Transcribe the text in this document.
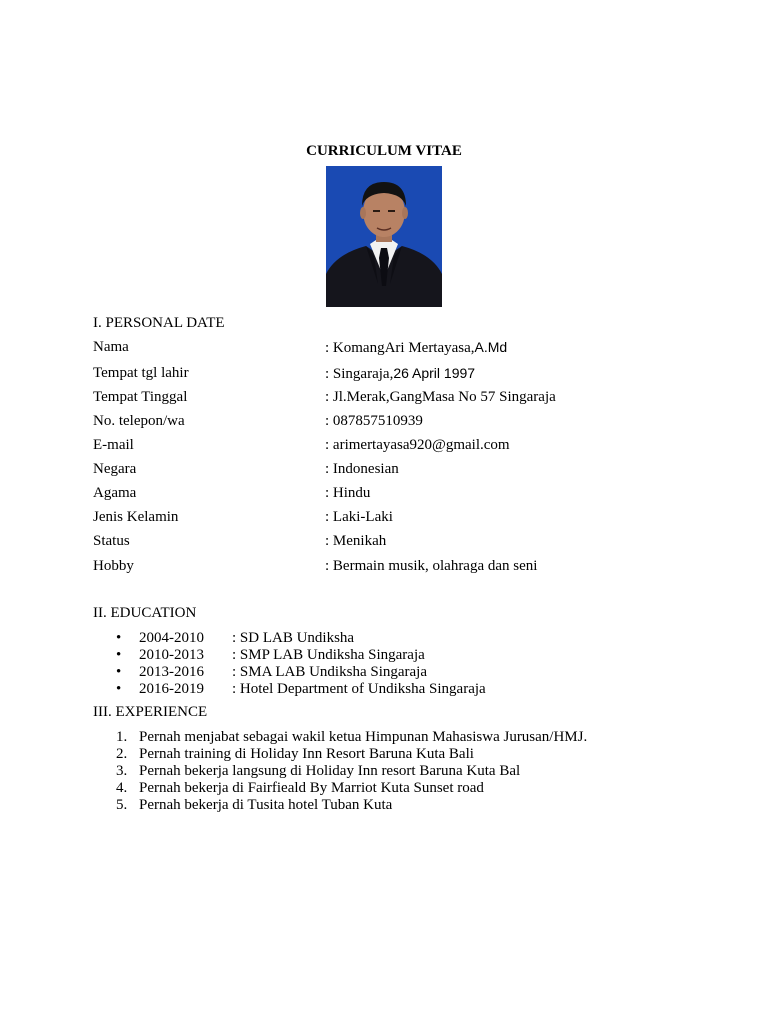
CURRICULUM VITAE
I. PERSONAL DATE
Nama	: KomangAri Mertayasa,A.Md
Tempat tgl lahir	: Singaraja,26 April 1997
Tempat Tinggal	: Jl.Merak,GangMasa No 57 Singaraja
No. telepon/wa	: 087857510939
E-mail	: arimertayasa920@gmail.com
Negara	: Indonesian
Agama	: Hindu
Jenis Kelamin	: Laki-Laki
Status	: Menikah
Hobby	: Bermain musik, olahraga dan seni
II. EDUCATION
• 2004-2010 : SD LAB Undiksha
• 2010-2013 : SMP LAB Undiksha Singaraja
• 2013-2016 : SMA LAB Undiksha Singaraja
• 2016-2019 : Hotel Department of Undiksha Singaraja
III. EXPERIENCE
1. Pernah menjabat sebagai wakil ketua Himpunan Mahasiswa Jurusan/HMJ.
2. Pernah training di Holiday Inn Resort Baruna Kuta Bali
3. Pernah bekerja langsung di Holiday Inn resort Baruna Kuta Bal
4. Pernah bekerja di Fairfieald By Marriot Kuta Sunset road
5. Pernah bekerja di Tusita hotel Tuban Kuta
